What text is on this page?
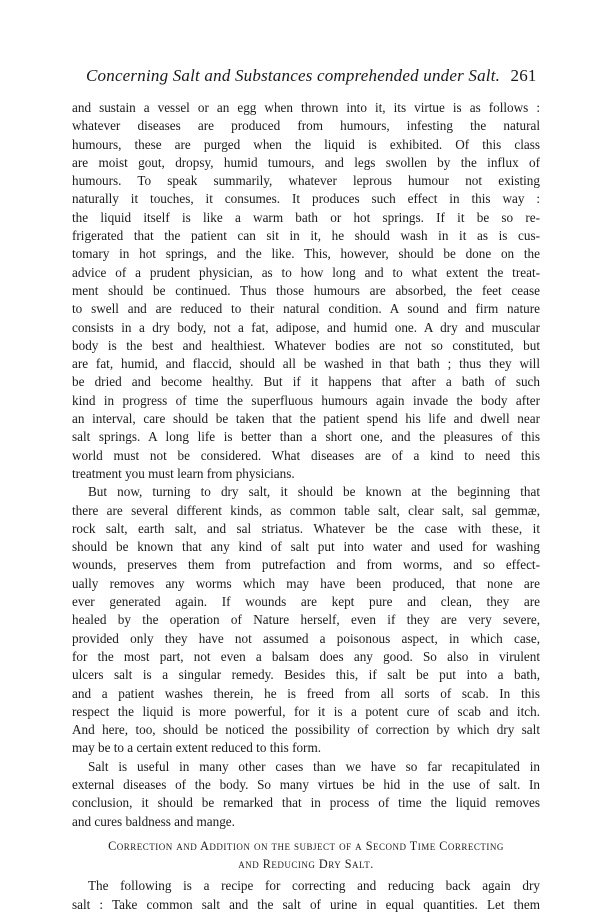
Concerning Salt and Substances comprehended under Salt. 261
and sustain a vessel or an egg when thrown into it, its virtue is as follows :
whatever diseases are produced from humours, infesting the natural
humours, these are purged when the liquid is exhibited. Of this class
are moist gout, dropsy, humid tumours, and legs swollen by the influx of
humours. To speak summarily, whatever leprous humour not existing
naturally it touches, it consumes. It produces such effect in this way :
the liquid itself is like a warm bath or hot springs. If it be so re-
frigerated that the patient can sit in it, he should wash in it as is cus-
tomary in hot springs, and the like. This, however, should be done on the
advice of a prudent physician, as to how long and to what extent the treat-
ment should be continued. Thus those humours are absorbed, the feet cease
to swell and are reduced to their natural condition. A sound and firm nature
consists in a dry body, not a fat, adipose, and humid one. A dry and muscular
body is the best and healthiest. Whatever bodies are not so constituted, but
are fat, humid, and flaccid, should all be washed in that bath ; thus they will
be dried and become healthy. But if it happens that after a bath of such
kind in progress of time the superfluous humours again invade the body after
an interval, care should be taken that the patient spend his life and dwell near
salt springs. A long life is better than a short one, and the pleasures of this
world must not be considered. What diseases are of a kind to need this
treatment you must learn from physicians.
But now, turning to dry salt, it should be known at the beginning that
there are several different kinds, as common table salt, clear salt, sal gemmæ,
rock salt, earth salt, and sal striatus. Whatever be the case with these, it
should be known that any kind of salt put into water and used for washing
wounds, preserves them from putrefaction and from worms, and so effect-
ually removes any worms which may have been produced, that none are
ever generated again. If wounds are kept pure and clean, they are
healed by the operation of Nature herself, even if they are very severe,
provided only they have not assumed a poisonous aspect, in which case,
for the most part, not even a balsam does any good. So also in virulent
ulcers salt is a singular remedy. Besides this, if salt be put into a bath,
and a patient washes therein, he is freed from all sorts of scab. In this
respect the liquid is more powerful, for it is a potent cure of scab and itch.
And here, too, should be noticed the possibility of correction by which dry salt
may be to a certain extent reduced to this form.
Salt is useful in many other cases than we have so far recapitulated in
external diseases of the body. So many virtues be hid in the use of salt. In
conclusion, it should be remarked that in process of time the liquid removes
and cures baldness and mange.
Correction and Addition on the subject of a Second Time Correcting
and Reducing Dry Salt.
The following is a recipe for correcting and reducing back again dry
salt : Take common salt and the salt of urine in equal quantities. Let them
